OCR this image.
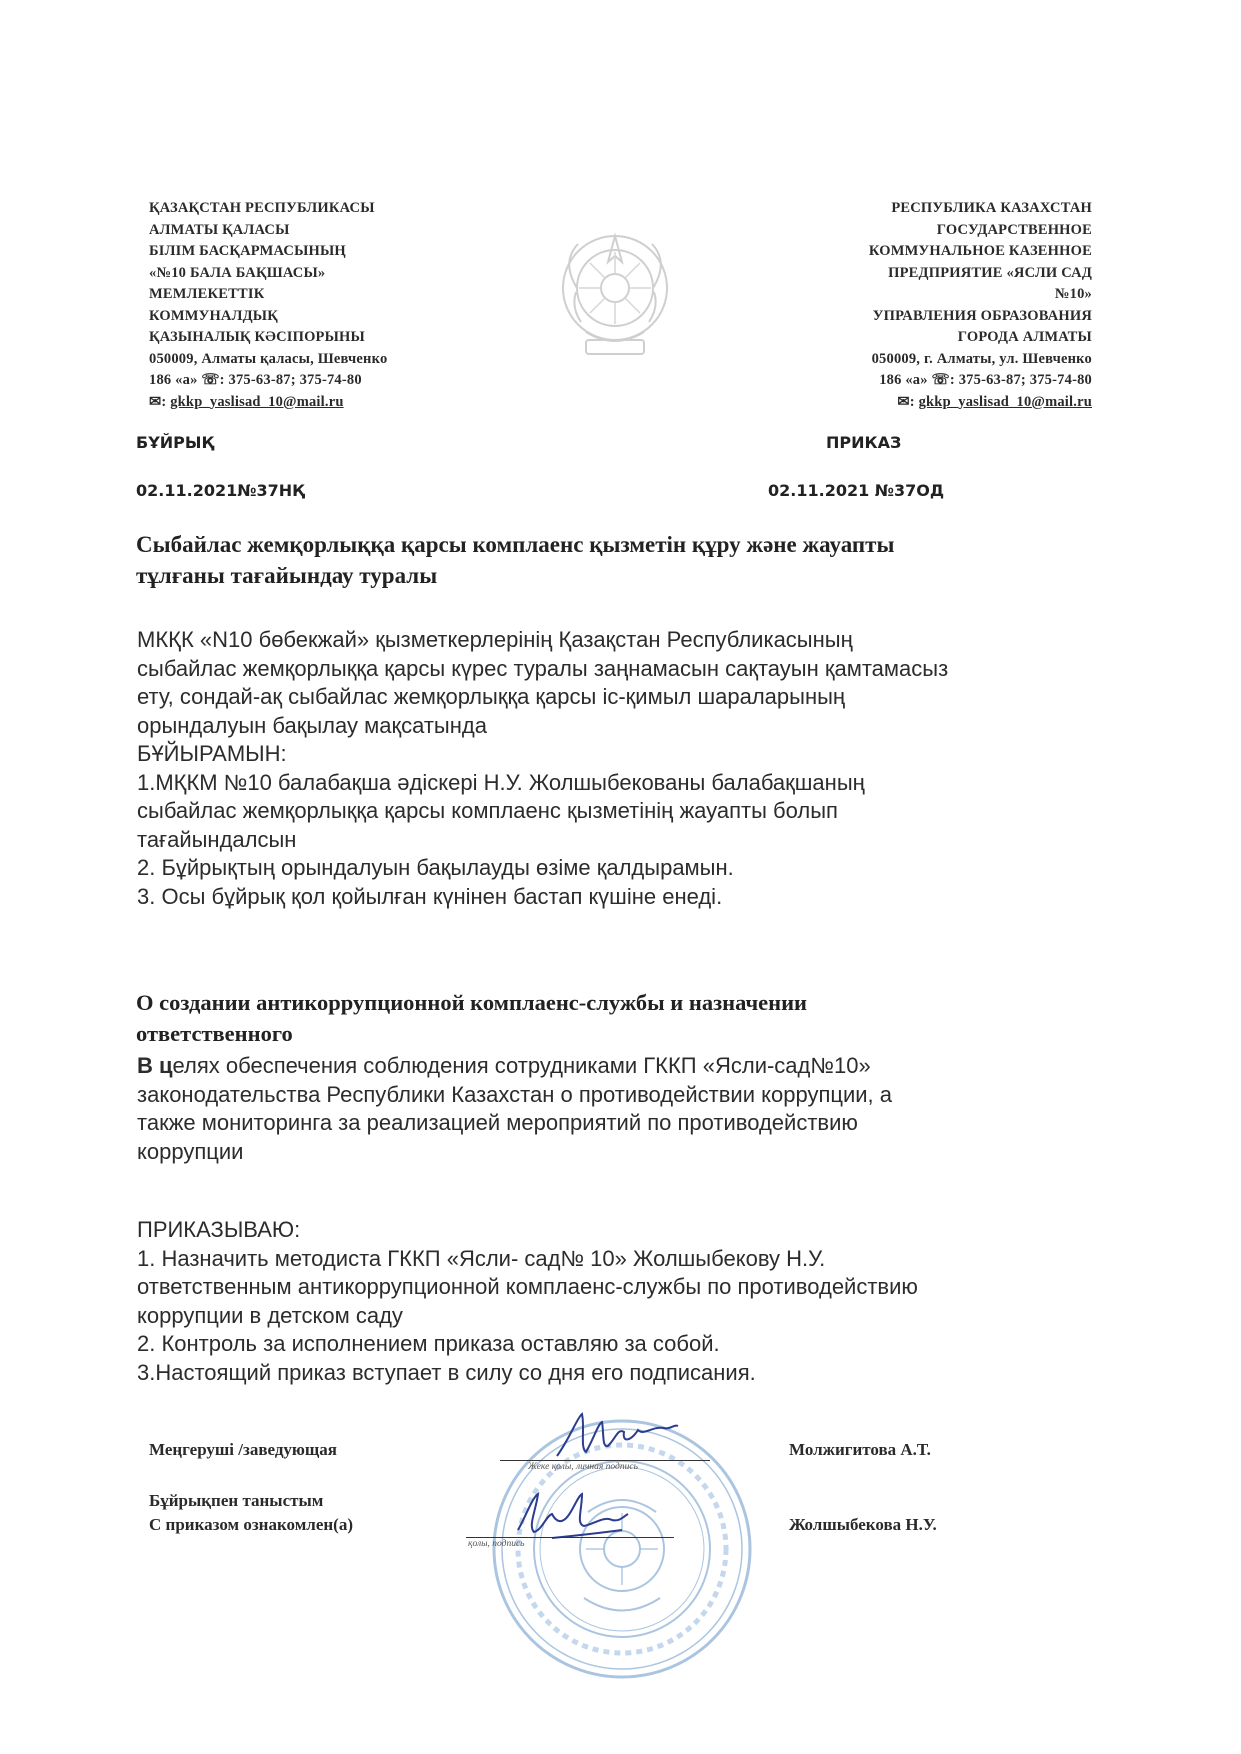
ҚАЗАҚСТАН РЕСПУБЛИКАСЫ
АЛМАТЫ ҚАЛАСЫ
БІЛІМ БАСҚАРМАСЫНЫҢ
«№10 БАЛА БАҚШАСЫ»
МЕМЛЕКЕТТІК
КОММУНАЛДЫҚ
ҚАЗЫНАЛЫҚ КӘСІПОРЫНЫ
050009, Алматы қаласы, Шевченко
186 «а» ☏: 375-63-87; 375-74-80
✉: gkkp_yaslisad_10@mail.ru
РЕСПУБЛИКА КАЗАХСТАН
ГОСУДАРСТВЕННОЕ
КОММУНАЛЬНОЕ КАЗЕННОЕ
ПРЕДПРИЯТИЕ «ЯСЛИ САД
№10»
УПРАВЛЕНИЯ ОБРАЗОВАНИЯ
ГОРОДА АЛМАТЫ
050009, г. Алматы, ул. Шевченко
186 «а» ☏: 375-63-87; 375-74-80
✉: gkkp_yaslisad_10@mail.ru
БҰЙРЫҚ	ПРИКАЗ
02.11.2021№37НҚ	02.11.2021 №37ОД
Сыбайлас жемқорлыққа қарсы комплаенс қызметін құру және жауапты
тұлғаны тағайындау туралы
МКҚК «N10 бөбекжай» қызметкерлерінің Қазақстан Республикасының
сыбайлас жемқорлыққа қарсы күрес туралы заңнамасын сақтауын қамтамасыз
ету, сондай-ақ сыбайлас жемқорлыққа қарсы іс-қимыл шараларының
орындалуын бақылау мақсатында
БҰЙЫРАМЫН:
1.МҚКМ №10 балабақша әдіскері Н.У. Жолшыбекованы балабақшаның
сыбайлас жемқорлыққа қарсы комплаенс қызметінің жауапты болып
тағайындалсын
2. Бұйрықтың орындалуын бақылауды өзіме қалдырамын.
3. Осы бұйрық қол қойылған күнінен бастап күшіне енеді.
О создании антикоррупционной комплаенс-службы и назначении
ответственного
В целях обеспечения соблюдения сотрудниками ГККП «Ясли-сад№10»
законодательства Республики Казахстан о противодействии коррупции, а
также мониторинга за реализацией мероприятий по противодействию
коррупции
ПРИКАЗЫВАЮ:
1. Назначить методиста ГККП «Ясли- сад№ 10» Жолшыбекову Н.У.
ответственным антикоррупционной комплаенс-службы по противодействию
коррупции в детском саду
2. Контроль за исполнением приказа оставляю за собой.
3.Настоящий приказ вступает в силу со дня его подписания.
Меңгеруші /заведующая
Жеке қолы, личная подпись
Молжигитова А.Т.
Бұйрықпен таныстым
С приказом ознакомлен(а)
қолы, подпись
Жолшыбекова Н.У.
